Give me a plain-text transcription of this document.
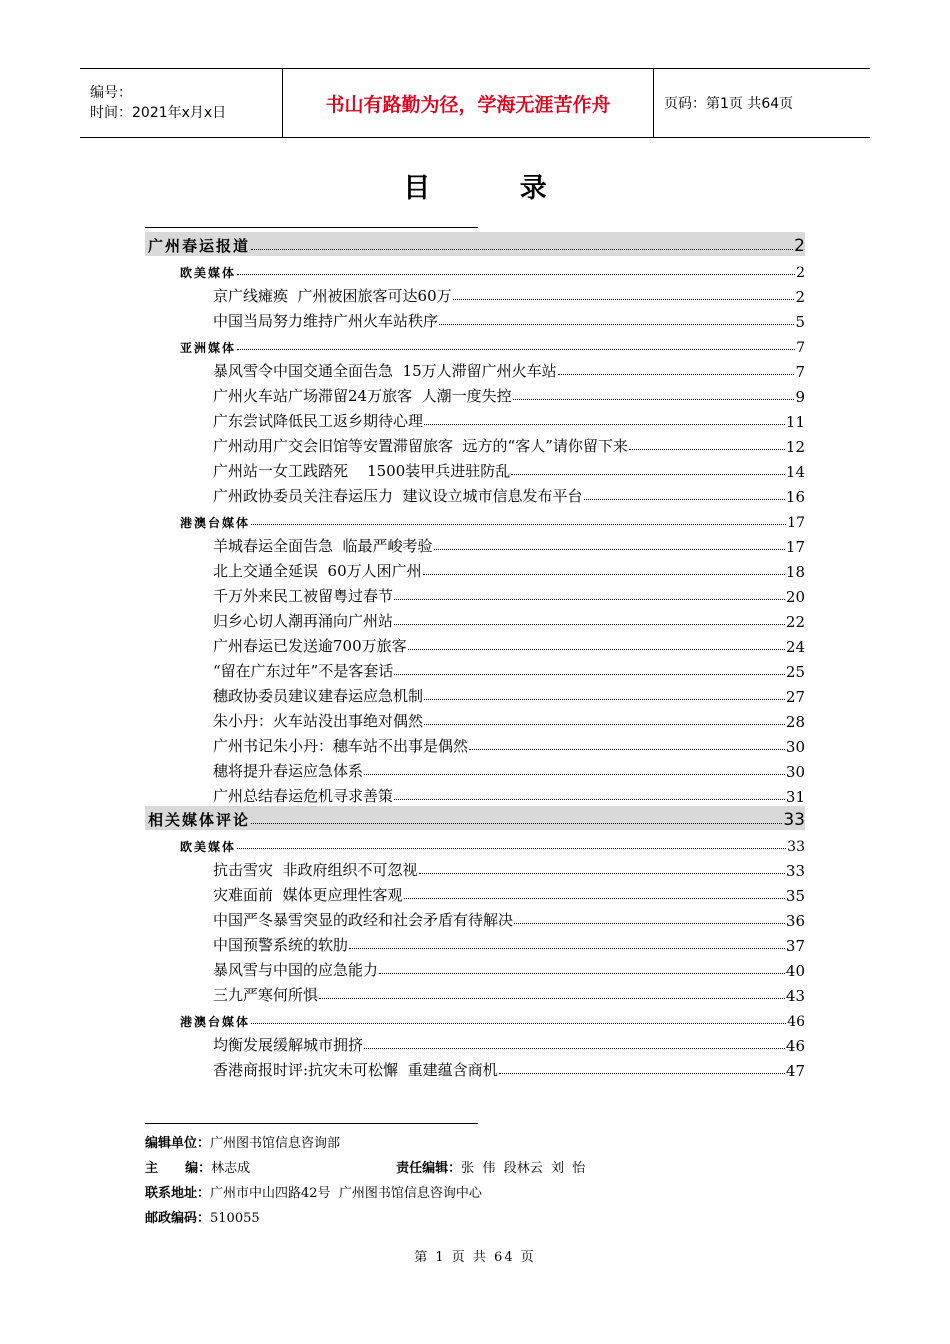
编号：
时间：2021年x月x日	书山有路勤为径，学海无涯苦作舟	页码：第1页 共64页
目 录
广州春运报道	2
欧美媒体	2
京广线瘫痪  广州被困旅客可达60万	2
中国当局努力维持广州火车站秩序	5
亚洲媒体	7
暴风雪令中国交通全面告急  15万人滞留广州火车站	7
广州火车站广场滞留24万旅客  人潮一度失控	9
广东尝试降低民工返乡期待心理	11
广州动用广交会旧馆等安置滞留旅客  远方的“客人”请你留下来	12
广州站一女工践踏死    1500装甲兵进驻防乱	14
广州政协委员关注春运压力  建议设立城市信息发布平台	16
港澳台媒体	17
羊城春运全面告急  临最严峻考验	17
北上交通全延误  60万人困广州	18
千万外来民工被留粤过春节	20
归乡心切人潮再涌向广州站	22
广州春运已发送逾700万旅客	24
“留在广东过年”不是客套话	25
穗政协委员建议建春运应急机制	27
朱小丹：火车站没出事绝对偶然	28
广州书记朱小丹：穗车站不出事是偶然	30
穗将提升春运应急体系	30
广州总结春运危机寻求善策	31
相关媒体评论	33
欧美媒体	33
抗击雪灾  非政府组织不可忽视	33
灾难面前  媒体更应理性客观	35
中国严冬暴雪突显的政经和社会矛盾有待解决	36
中国预警系统的软肋	37
暴风雪与中国的应急能力	40
三九严寒何所惧	43
港澳台媒体	46
均衡发展缓解城市拥挤	46
香港商报时评:抗灾未可松懈  重建蕴含商机	47
编辑单位： 广州图书馆信息咨询部
主      编： 林志成	责任编辑： 张  伟  段林云  刘  怡
联系地址： 广州市中山四路42号  广州图书馆信息咨询中心
邮政编码： 510055
第 1 页 共 64 页
